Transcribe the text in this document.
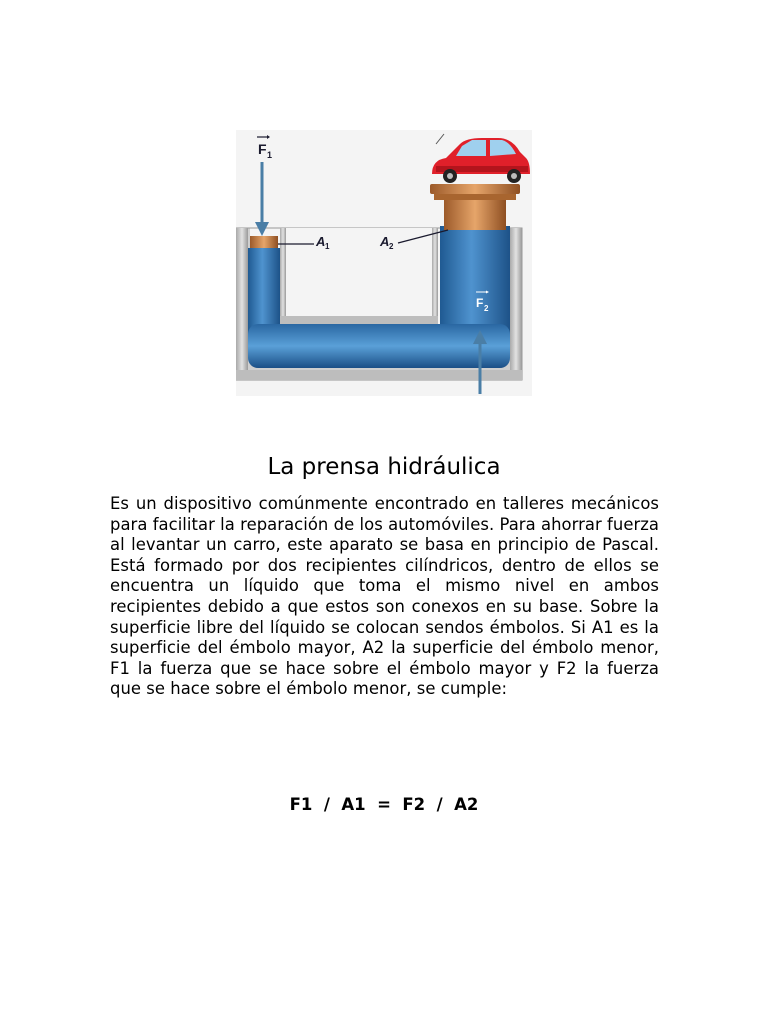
F 1
A 1	A 2
F 2
La prensa hidráulica

Es un dispositivo comúnmente encontrado en talleres mecánicos para facilitar la reparación de los automóviles. Para ahorrar fuerza al levantar un carro, este aparato se basa en principio de Pascal. Está formado por dos recipientes cilíndricos, dentro de ellos se encuentra un líquido que toma el mismo nivel en ambos recipientes debido a que estos son conexos en su base. Sobre la superficie libre del líquido se colocan sendos émbolos. Si A1 es la superficie del émbolo mayor, A2 la superficie del émbolo menor, F1 la fuerza que se hace sobre el émbolo mayor y F2 la fuerza que se hace sobre el émbolo menor, se cumple:

F1  /  A1  =  F2  /  A2
